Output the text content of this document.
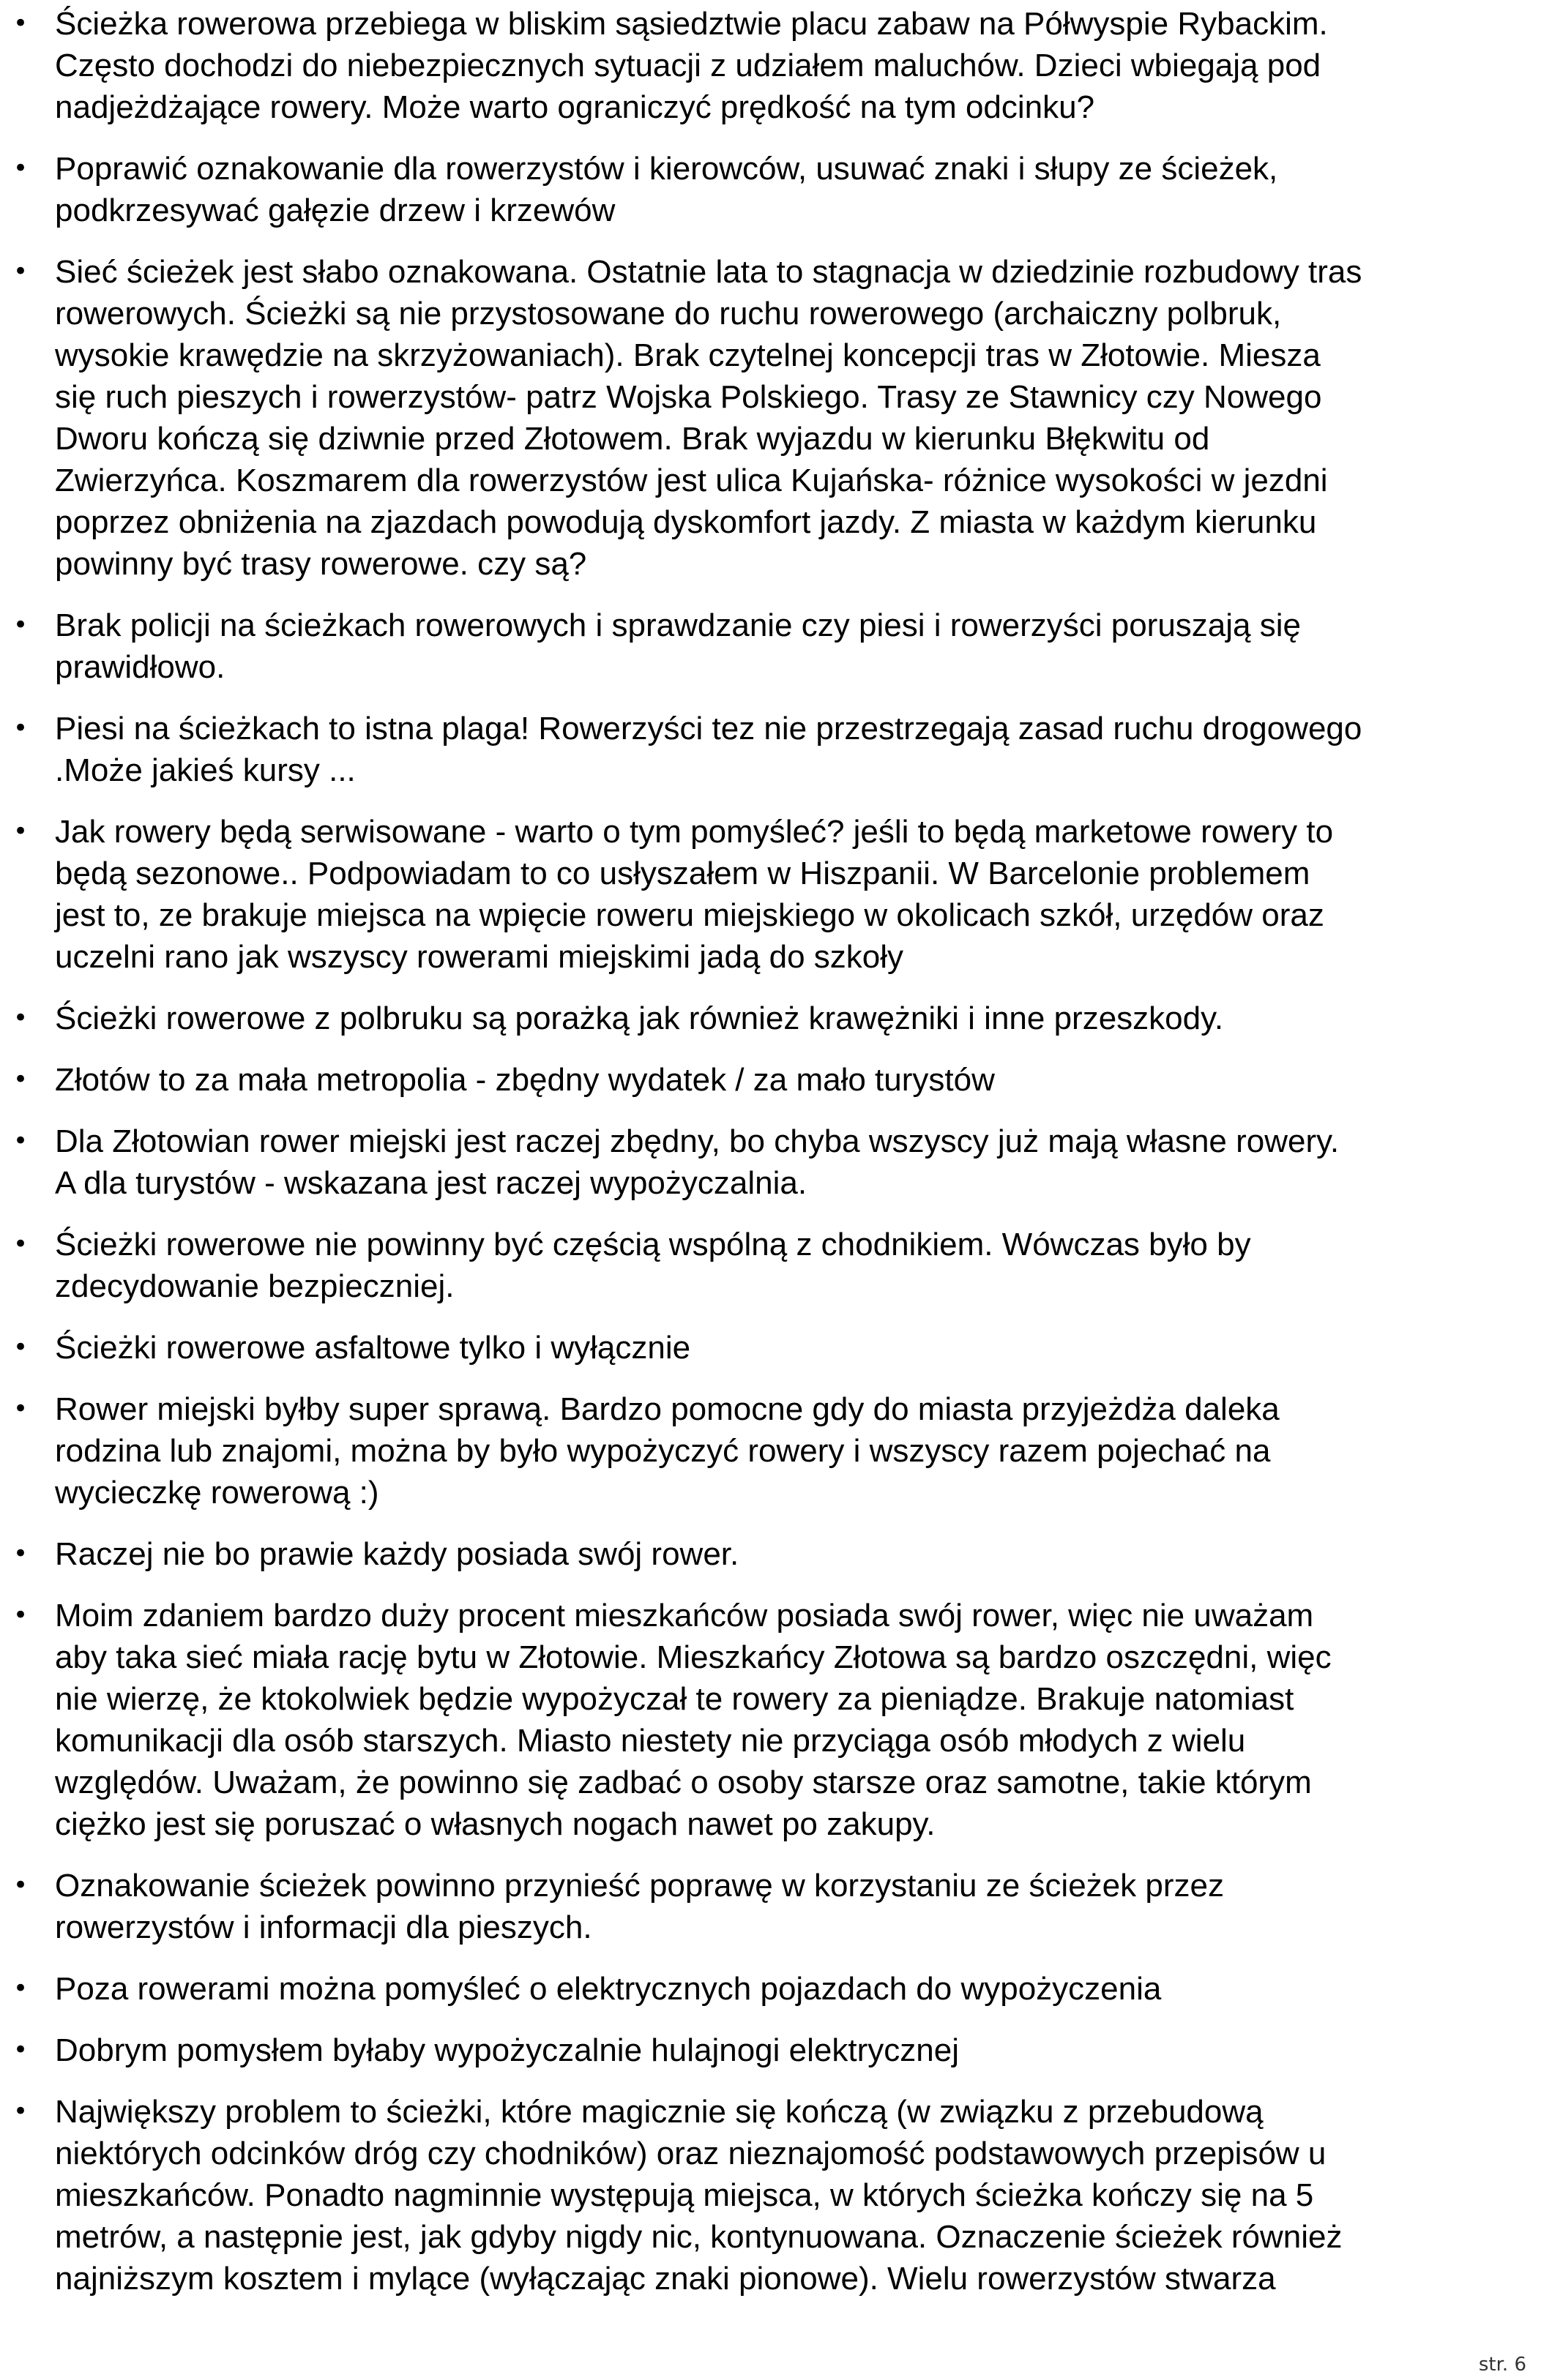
• Ścieżka rowerowa przebiega w bliskim sąsiedztwie placu zabaw na Półwyspie Rybackim.
Często dochodzi do niebezpiecznych sytuacji z udziałem maluchów. Dzieci wbiegają pod
nadjeżdżające rowery. Może warto ograniczyć prędkość na tym odcinku?
• Poprawić oznakowanie dla rowerzystów i kierowców, usuwać znaki i słupy ze ścieżek,
podkrzesywać gałęzie drzew i krzewów
• Sieć ścieżek jest słabo oznakowana. Ostatnie lata to stagnacja w dziedzinie rozbudowy tras
rowerowych. Ścieżki są nie przystosowane do ruchu rowerowego (archaiczny polbruk,
wysokie krawędzie na skrzyżowaniach). Brak czytelnej koncepcji tras w Złotowie. Miesza
się ruch pieszych i rowerzystów- patrz Wojska Polskiego. Trasy ze Stawnicy czy Nowego
Dworu kończą się dziwnie przed Złotowem. Brak wyjazdu w kierunku Błękwitu od
Zwierzyńca. Koszmarem dla rowerzystów jest ulica Kujańska- różnice wysokości w jezdni
poprzez obniżenia na zjazdach powodują dyskomfort jazdy. Z miasta w każdym kierunku
powinny być trasy rowerowe. czy są?
• Brak policji na ścieżkach rowerowych i sprawdzanie czy piesi i rowerzyści poruszają się
prawidłowo.
• Piesi na ścieżkach to istna plaga! Rowerzyści tez nie przestrzegają zasad ruchu drogowego
.Może jakieś kursy ...
• Jak rowery będą serwisowane - warto o tym pomyśleć? jeśli to będą marketowe rowery to
będą sezonowe.. Podpowiadam to co usłyszałem w Hiszpanii. W Barcelonie problemem
jest to, ze brakuje miejsca na wpięcie roweru miejskiego w okolicach szkół, urzędów oraz
uczelni rano jak wszyscy rowerami miejskimi jadą do szkoły
• Ścieżki rowerowe z polbruku są porażką jak również krawężniki i inne przeszkody.
• Złotów to za mała metropolia - zbędny wydatek / za mało turystów
• Dla Złotowian rower miejski jest raczej zbędny, bo chyba wszyscy już mają własne rowery.
A dla turystów - wskazana jest raczej wypożyczalnia.
• Ścieżki rowerowe nie powinny być częścią wspólną z chodnikiem. Wówczas było by
zdecydowanie bezpieczniej.
• Ścieżki rowerowe asfaltowe tylko i wyłącznie
• Rower miejski byłby super sprawą. Bardzo pomocne gdy do miasta przyjeżdża daleka
rodzina lub znajomi, można by było wypożyczyć rowery i wszyscy razem pojechać na
wycieczkę rowerową :)
• Raczej nie bo prawie każdy posiada swój rower.
• Moim zdaniem bardzo duży procent mieszkańców posiada swój rower, więc nie uważam
aby taka sieć miała rację bytu w Złotowie. Mieszkańcy Złotowa są bardzo oszczędni, więc
nie wierzę, że ktokolwiek będzie wypożyczał te rowery za pieniądze. Brakuje natomiast
komunikacji dla osób starszych. Miasto niestety nie przyciąga osób młodych z wielu
względów. Uważam, że powinno się zadbać o osoby starsze oraz samotne, takie którym
ciężko jest się poruszać o własnych nogach nawet po zakupy.
• Oznakowanie ścieżek powinno przynieść poprawę w korzystaniu ze ścieżek przez
rowerzystów i informacji dla pieszych.
• Poza rowerami można pomyśleć o elektrycznych pojazdach do wypożyczenia
• Dobrym pomysłem byłaby wypożyczalnie hulajnogi elektrycznej
• Największy problem to ścieżki, które magicznie się kończą (w związku z przebudową
niektórych odcinków dróg czy chodników) oraz nieznajomość podstawowych przepisów u
mieszkańców. Ponadto nagminnie występują miejsca, w których ścieżka kończy się na 5
metrów, a następnie jest, jak gdyby nigdy nic, kontynuowana. Oznaczenie ścieżek również
najniższym kosztem i mylące (wyłączając znaki pionowe). Wielu rowerzystów stwarza
str. 6
